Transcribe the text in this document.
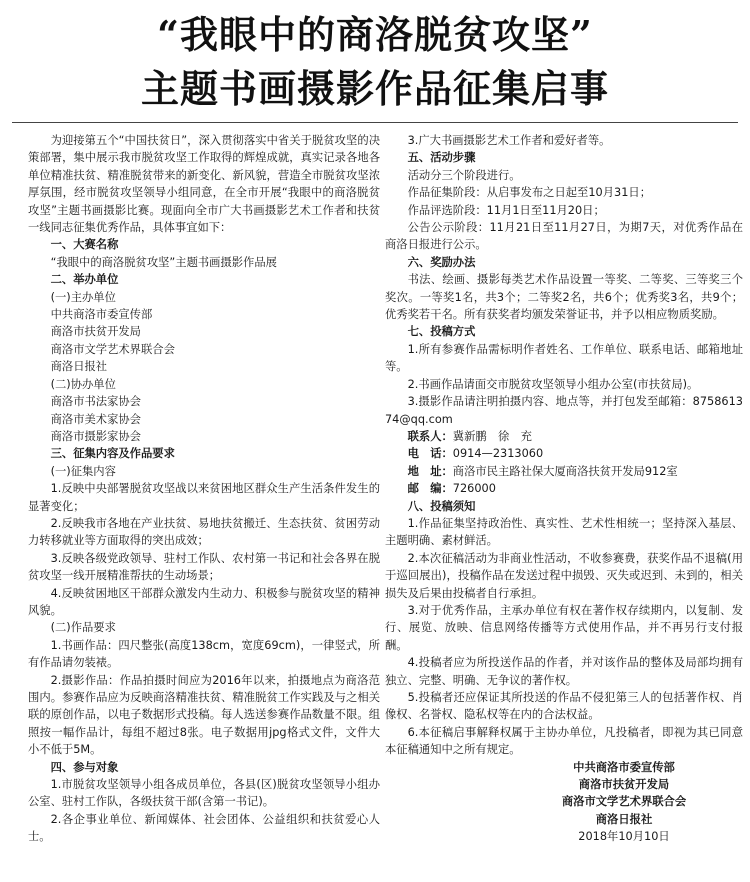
“我眼中的商洛脱贫攻坚”
主题书画摄影作品征集启事

为迎接第五个“中国扶贫日”，深入贯彻落实中省关于脱贫攻坚的决策部署，集中展示我市脱贫攻坚工作取得的辉煌成就，真实记录各地各单位精准扶贫、精准脱贫带来的新变化、新风貌，营造全市脱贫攻坚浓厚氛围，经市脱贫攻坚领导小组同意，在全市开展“我眼中的商洛脱贫攻坚”主题书画摄影比赛。现面向全市广大书画摄影艺术工作者和扶贫一线同志征集优秀作品，具体事宜如下：

一、大赛名称

“我眼中的商洛脱贫攻坚”主题书画摄影作品展

二、举办单位

(一)主办单位

中共商洛市委宣传部

商洛市扶贫开发局

商洛市文学艺术界联合会

商洛日报社

(二)协办单位

商洛市书法家协会

商洛市美术家协会

商洛市摄影家协会

三、征集内容及作品要求

(一)征集内容

1.反映中央部署脱贫攻坚战以来贫困地区群众生产生活条件发生的显著变化；

2.反映我市各地在产业扶贫、易地扶贫搬迁、生态扶贫、贫困劳动力转移就业等方面取得的突出成效；

3.反映各级党政领导、驻村工作队、农村第一书记和社会各界在脱贫攻坚一线开展精准帮扶的生动场景；

4.反映贫困地区干部群众激发内生动力、积极参与脱贫攻坚的精神风貌。

(二)作品要求

1.书画作品：四尺整张(高度138cm，宽度69cm)，一律竖式，所有作品请勿装裱。

2.摄影作品：作品拍摄时间应为2016年以来，拍摄地点为商洛范围内。参赛作品应为反映商洛精准扶贫、精准脱贫工作实践及与之相关联的原创作品，以电子数据形式投稿。每人选送参赛作品数量不限。组照按一幅作品计，每组不超过8张。电子数据用jpg格式文件，文件大小不低于5M。

四、参与对象

1.市脱贫攻坚领导小组各成员单位，各县(区)脱贫攻坚领导小组办公室、驻村工作队，各级扶贫干部(含第一书记)。

2.各企事业单位、新闻媒体、社会团体、公益组织和扶贫爱心人士。

3.广大书画摄影艺术工作者和爱好者等。

五、活动步骤

活动分三个阶段进行。

作品征集阶段：从启事发布之日起至10月31日；

作品评选阶段：11月1日至11月20日；

公告公示阶段：11月21日至11月27日，为期7天，对优秀作品在商洛日报进行公示。

六、奖励办法

书法、绘画、摄影每类艺术作品设置一等奖、二等奖、三等奖三个奖次。一等奖1名，共3个；二等奖2名，共6个；优秀奖3名，共9个；优秀奖若干名。所有获奖者均颁发荣誉证书，并予以相应物质奖励。

七、投稿方式

1.所有参赛作品需标明作者姓名、工作单位、联系电话、邮箱地址等。

2.书画作品请面交市脱贫攻坚领导小组办公室(市扶贫局)。

3.摄影作品请注明拍摄内容、地点等，并打包发至邮箱：875861374@qq.com

联系人：冀新鹏　徐　充

电　话：0914—2313060

地　址：商洛市民主路社保大厦商洛扶贫开发局912室

邮　编：726000

八、投稿须知

1.作品征集坚持政治性、真实性、艺术性相统一；坚持深入基层、主题明确、素材鲜活。

2.本次征稿活动为非商业性活动，不收参赛费，获奖作品不退稿(用于巡回展出)，投稿作品在发送过程中损毁、灭失或迟到、未到的，相关损失及后果由投稿者自行承担。

3.对于优秀作品，主承办单位有权在著作权存续期内，以复制、发行、展览、放映、信息网络传播等方式使用作品，并不再另行支付报酬。

4.投稿者应为所投送作品的作者，并对该作品的整体及局部均拥有独立、完整、明确、无争议的著作权。

5.投稿者还应保证其所投送的作品不侵犯第三人的包括著作权、肖像权、名誉权、隐私权等在内的合法权益。

6.本征稿启事解释权属于主协办单位，凡投稿者，即视为其已同意本征稿通知中之所有规定。

中共商洛市委宣传部

商洛市扶贫开发局

商洛市文学艺术界联合会

商洛日报社

2018年10月10日
